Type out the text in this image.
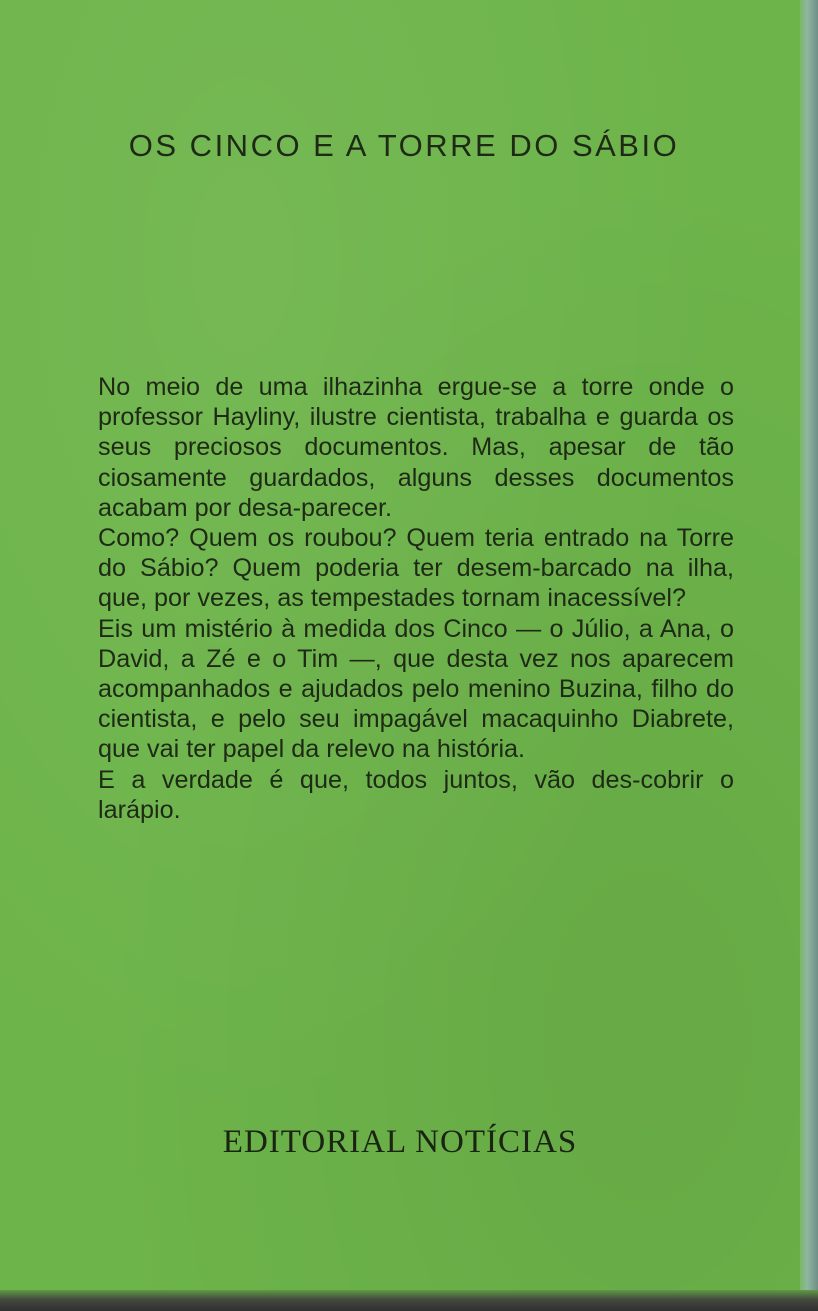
OS CINCO E A TORRE DO SÁBIO

No meio de uma ilhazinha ergue-se a torre onde o professor Hayliny, ilustre cientista, trabalha e guarda os seus preciosos documentos. Mas, apesar de tão ciosamente guardados, alguns desses documentos acabam por desa-parecer.

Como? Quem os roubou? Quem teria entrado na Torre do Sábio? Quem poderia ter desem-barcado na ilha, que, por vezes, as tempestades tornam inacessível?

Eis um mistério à medida dos Cinco — o Júlio, a Ana, o David, a Zé e o Tim —, que desta vez nos aparecem acompanhados e ajudados pelo menino Buzina, filho do cientista, e pelo seu impagável macaquinho Diabrete, que vai ter papel da relevo na história.

E a verdade é que, todos juntos, vão des-cobrir o larápio.

EDITORIAL NOTÍCIAS
